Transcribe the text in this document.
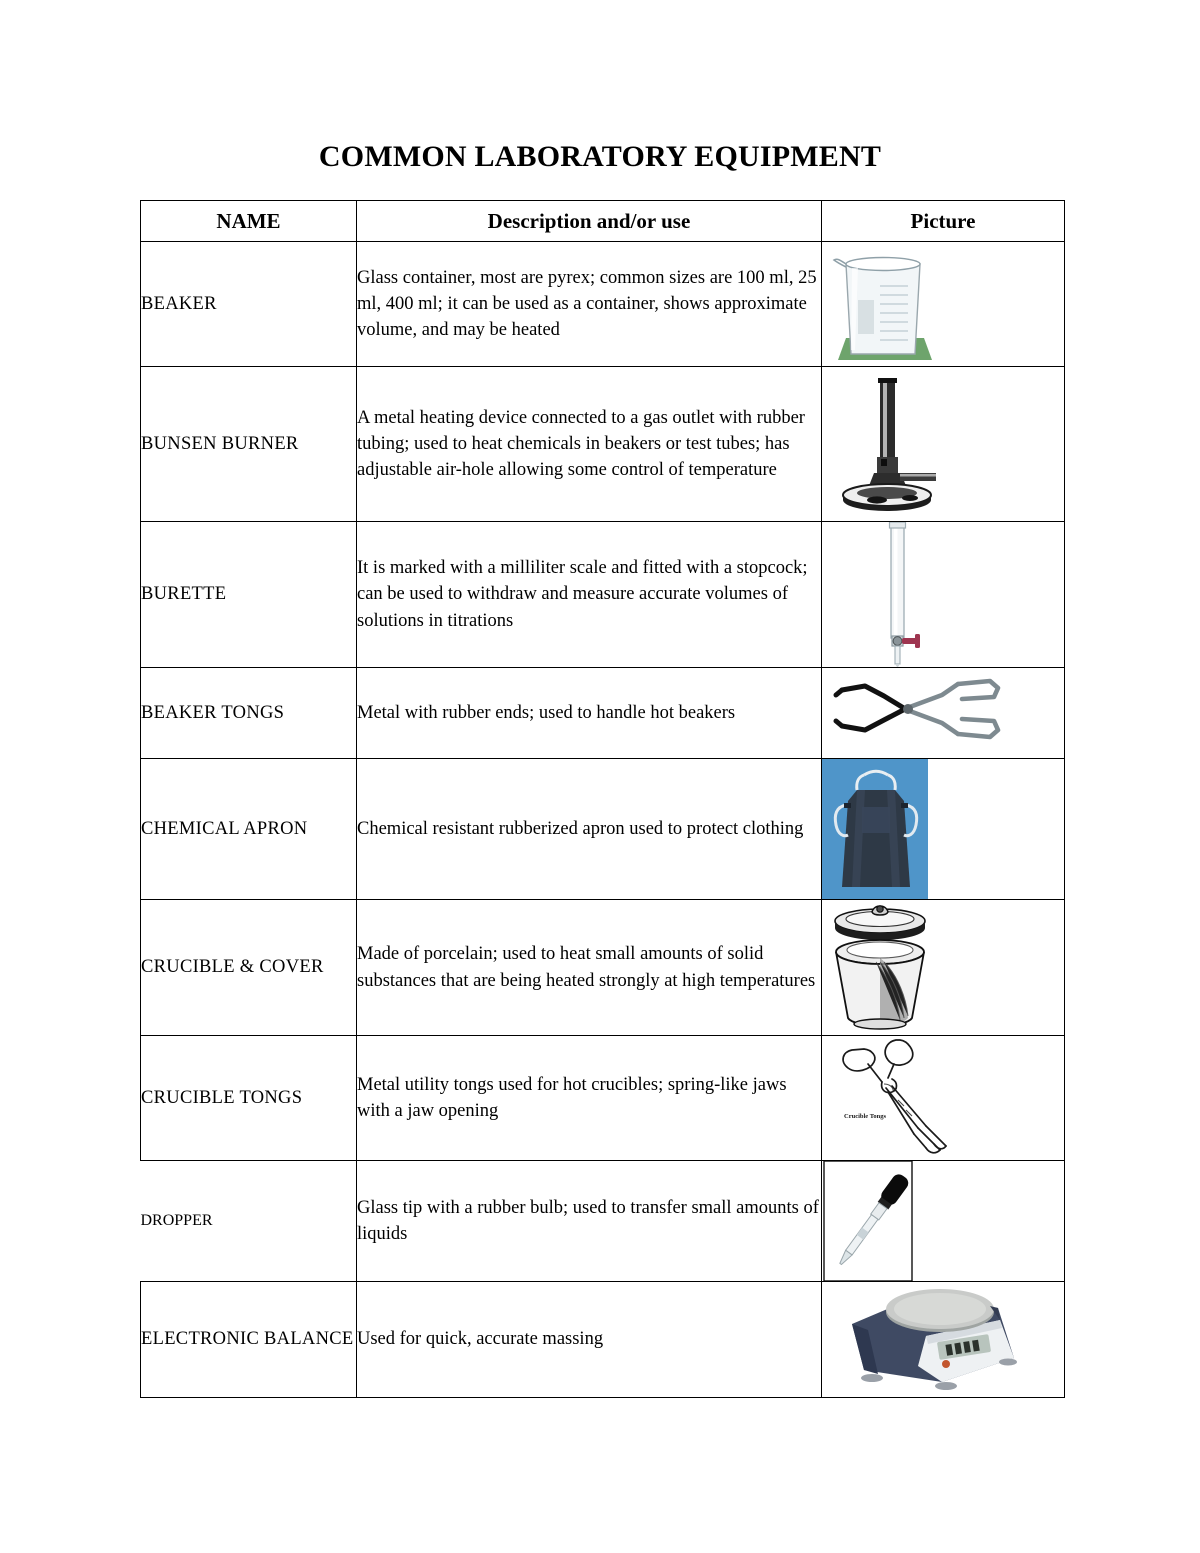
COMMON LABORATORY EQUIPMENT
NAME	Description and/or use	Picture
BEAKER	Glass container, most are pyrex; common sizes are 100 ml, 25 ml, 400 ml; it can be used as a container, shows approximate volume, and may be heated	

BUNSEN BURNER	A metal heating device connected to a gas outlet with rubber tubing; used to heat chemicals in beakers or test tubes; has adjustable air-hole allowing some control of temperature	

BURETTE	It is marked with a milliliter scale and fitted with a stopcock; can be used to withdraw and measure accurate volumes of solutions in titrations	

BEAKER TONGS	Metal with rubber ends; used to handle hot beakers	

CHEMICAL APRON	Chemical resistant rubberized apron used to protect clothing	

CRUCIBLE & COVER	Made of porcelain; used to heat small amounts of solid substances that are being heated strongly at high temperatures	

CRUCIBLE TONGS	Metal utility tongs used for hot crucibles; spring-like jaws with a jaw opening	Crucible Tongs

DROPPER	Glass tip with a rubber bulb; used to transfer small amounts of liquids	

ELECTRONIC BALANCE	Used for quick, accurate massing	
